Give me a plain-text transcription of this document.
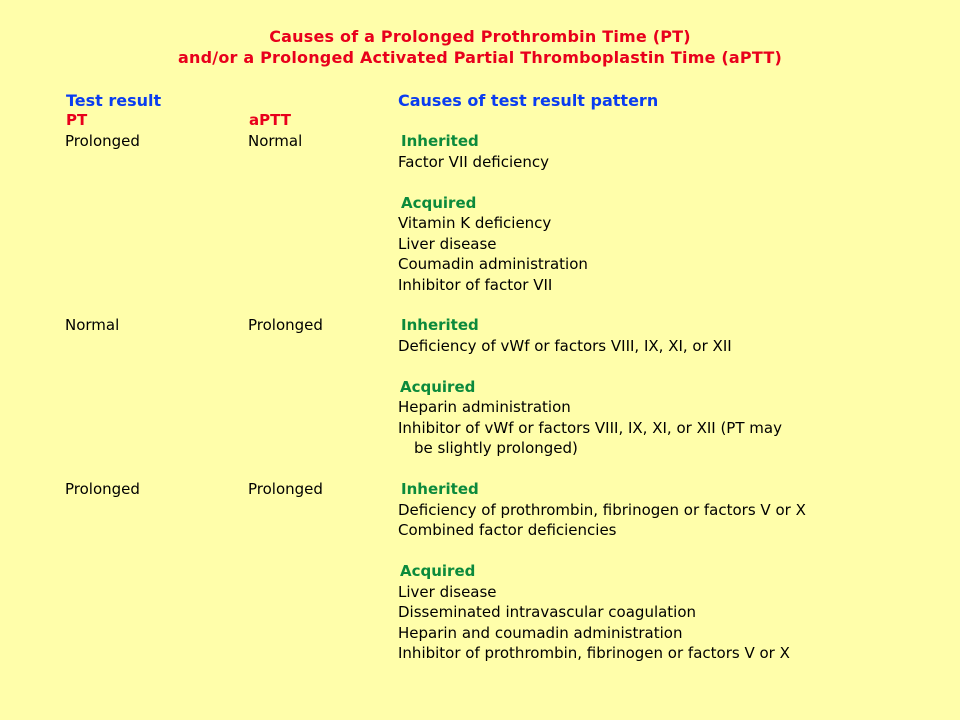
Causes of a Prolonged Prothrombin Time (PT)
and/or a Prolonged Activated Partial Thromboplastin Time (aPTT)
Test result	Causes of test result pattern
PT	aPTT
Prolonged	Normal	Inherited
Factor VII deficiency
Acquired
Vitamin K deficiency
Liver disease
Coumadin administration
Inhibitor of factor VII
Normal	Prolonged	Inherited
Deficiency of vWf or factors VIII, IX, XI, or XII
Acquired
Heparin administration
Inhibitor of vWf or factors VIII, IX, XI, or XII (PT may
be slightly prolonged)
Prolonged	Prolonged	Inherited
Deficiency of prothrombin, fibrinogen or factors V or X
Combined factor deficiencies
Acquired
Liver disease
Disseminated intravascular coagulation
Heparin and coumadin administration
Inhibitor of prothrombin, fibrinogen or factors V or X
